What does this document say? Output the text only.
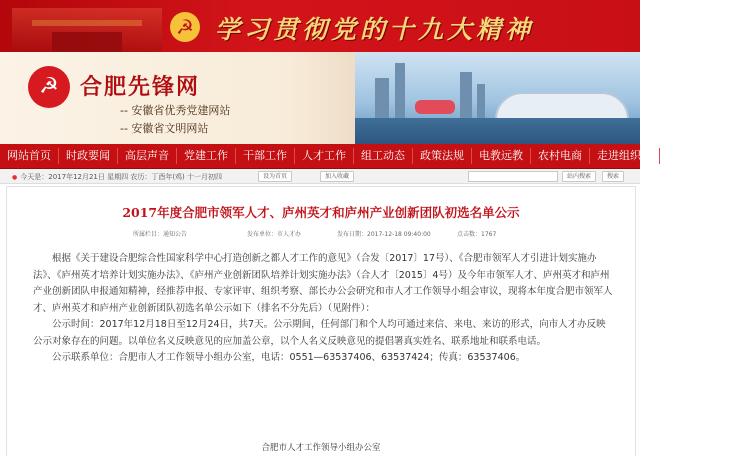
☭ 学习贯彻党的十九大精神
☭ 合肥先锋网
-- 安徽省优秀党建网站
-- 安徽省文明网站
网站首页	时政要闻	高层声音	党建工作	干部工作	人才工作	组工动态	政策法规	电教远教	农村电商	走进组织部	公务员工作
● 今天是：2017年12月21日 星期四 农历：丁酉年(鸡) 十一月初四	设为首页	加入收藏	站内搜索	搜索
2017年度合肥市领军人才、庐州英才和庐州产业创新团队初选名单公示
所属栏目：通知公告	发布单位：市人才办	发布日期：2017-12-18 09:40:00	点击数：1767

根据《关于建设合肥综合性国家科学中心打造创新之都人才工作的意见》（合发〔2017〕17号）、《合肥市领军人才引进计划实施办法》、《庐州英才培养计划实施办法》、《庐州产业创新团队培养计划实施办法》（合人才〔2015〕4号）及今年市领军人才、庐州英才和庐州产业创新团队申报通知精神，经推荐申报、专家评审、组织考察、部长办公会研究和市人才工作领导小组会审议，现将本年度合肥市领军人才、庐州英才和庐州产业创新团队初选名单公示如下（排名不分先后）（见附件）：

公示时间：2017年12月18日至12月24日，共7天。公示期间，任何部门和个人均可通过来信、来电、来访的形式，向市人才办反映公示对象存在的问题。以单位名义反映意见的应加盖公章，以个人名义反映意见的提倡署真实姓名、联系地址和联系电话。

公示联系单位：合肥市人才工作领导小组办公室，电话：0551—63537406、63537424；传真：63537406。

合肥市人才工作领导小组办公室
